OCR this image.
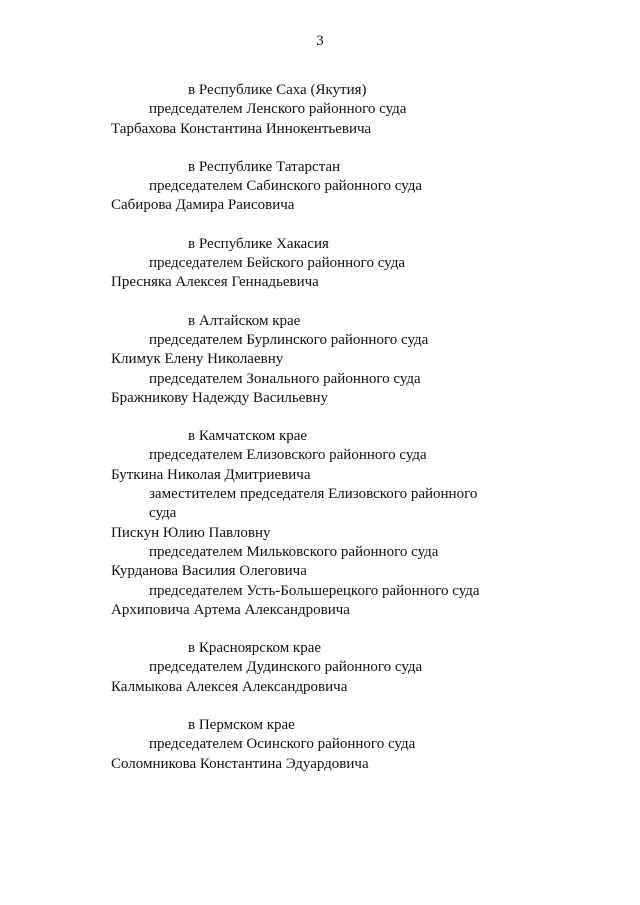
3
в Республике Саха (Якутия)
председателем Ленского районного суда
Тарбахова Константина Иннокентьевича
в Республике Татарстан
председателем Сабинского районного суда
Сабирова Дамира Раисовича
в Республике Хакасия
председателем Бейского районного суда
Пресняка Алексея Геннадьевича
в Алтайском крае
председателем Бурлинского районного суда
Климук Елену Николаевну
председателем Зонального районного суда
Бражникову Надежду Васильевну
в Камчатском крае
председателем Елизовского районного суда
Буткина Николая Дмитриевича
заместителем председателя Елизовского районного
суда
Пискун Юлию Павловну
председателем Мильковского районного суда
Курданова Василия Олеговича
председателем Усть-Большерецкого районного суда
Архиповича Артема Александровича
в Красноярском крае
председателем Дудинского районного суда
Калмыкова Алексея Александровича
в Пермском крае
председателем Осинского районного суда
Соломникова Константина Эдуардовича
